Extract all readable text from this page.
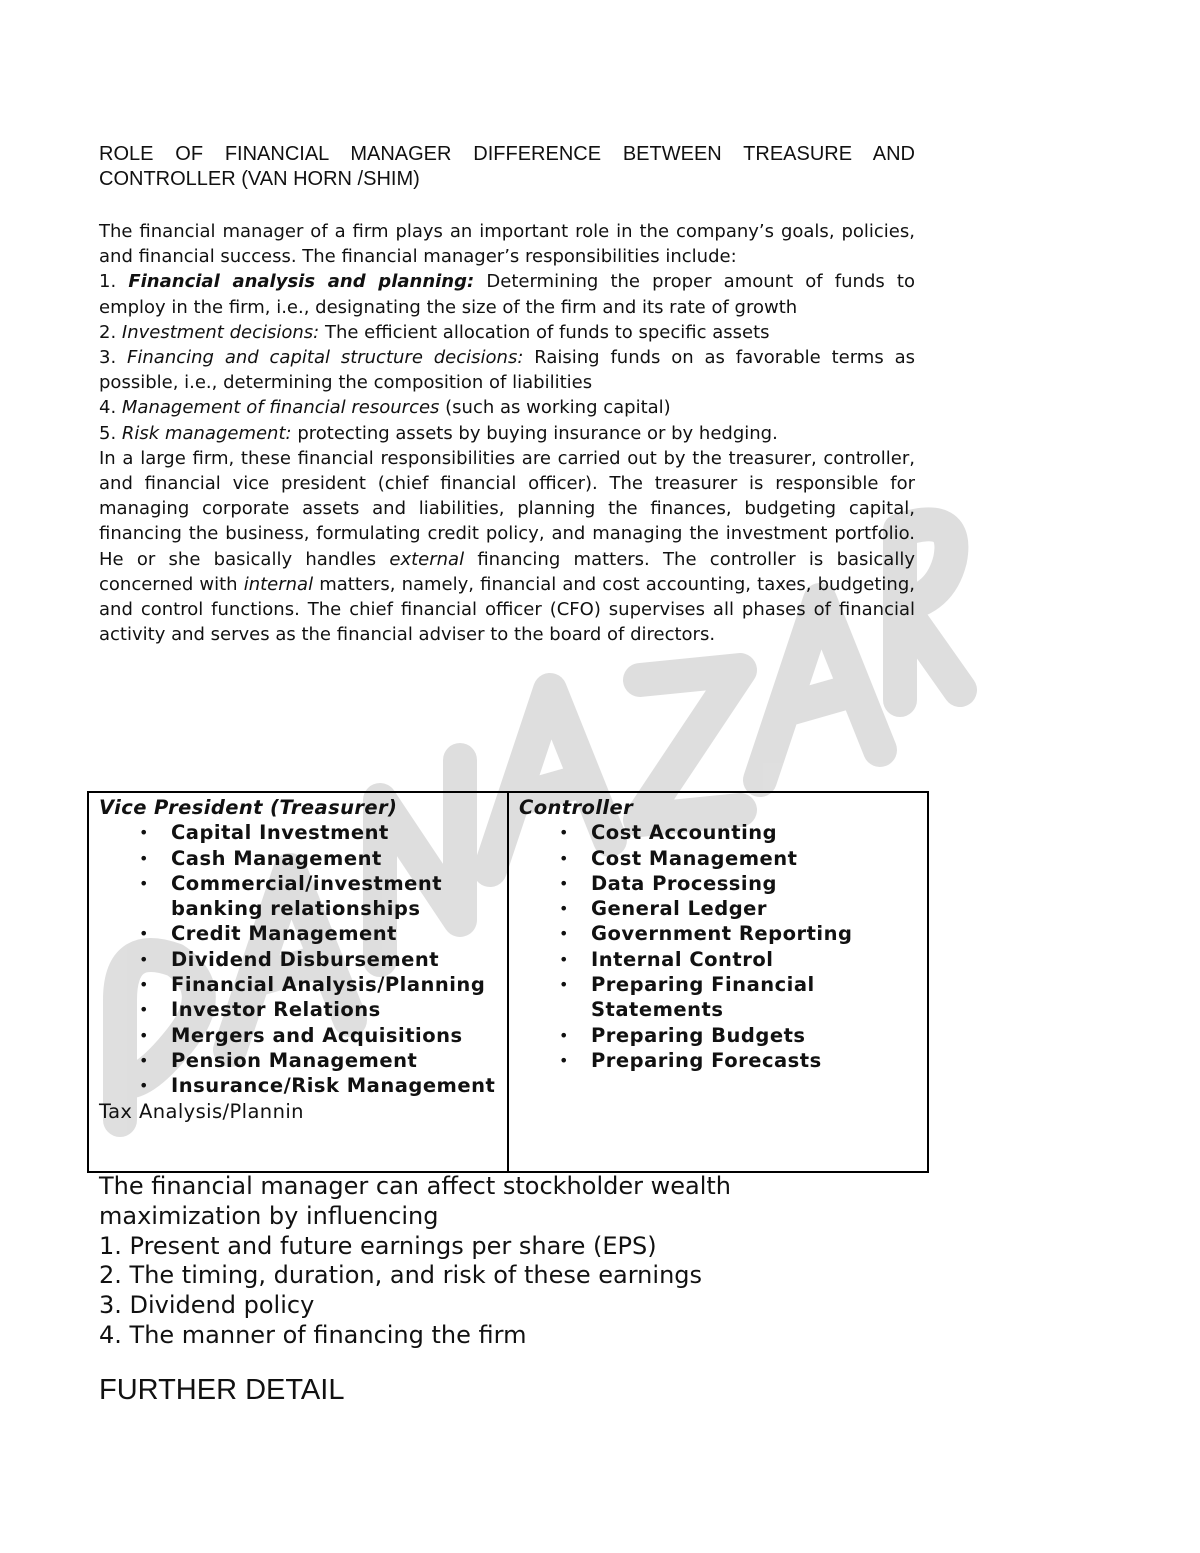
ROLE OF FINANCIAL MANAGER DIFFERENCE BETWEEN TREASURE AND CONTROLLER (VAN HORN /SHIM)

The financial manager of a firm plays an important role in the company’s goals, policies, and financial success. The financial manager’s responsibilities include:

1. Financial analysis and planning: Determining the proper amount of funds to employ in the firm, i.e., designating the size of the firm and its rate of growth

2. Investment decisions: The efficient allocation of funds to specific assets

3. Financing and capital structure decisions: Raising funds on as favorable terms as possible, i.e., determining the composition of liabilities

4. Management of financial resources (such as working capital)

5. Risk management: protecting assets by buying insurance or by hedging.

In a large firm, these financial responsibilities are carried out by the treasurer, controller, and financial vice president (chief financial officer). The treasurer is responsible for managing corporate assets and liabilities, planning the finances, budgeting capital, financing the business, formulating credit policy, and managing the investment portfolio. He or she basically handles external financing matters. The controller is basically concerned with internal matters, namely, financial and cost accounting, taxes, budgeting, and control functions. The chief financial officer (CFO) supervises all phases of financial activity and serves as the financial adviser to the board of directors.

Vice President (Treasurer)
• Capital Investment
• Cash Management
• Commercial/investment banking relationships
• Credit Management
• Dividend Disbursement
• Financial Analysis/Planning
• Investor Relations
• Mergers and Acquisitions
• Pension Management
• Insurance/Risk Management
Tax Analysis/Plannin
Controller
• Cost Accounting
• Cost Management
• Data Processing
• General Ledger
• Government Reporting
• Internal Control
• Preparing Financial Statements
• Preparing Budgets
• Preparing Forecasts
The financial manager can affect stockholder wealth
maximization by influencing
1. Present and future earnings per share (EPS)
2. The timing, duration, and risk of these earnings
3. Dividend policy
4. The manner of financing the firm
FURTHER DETAIL
